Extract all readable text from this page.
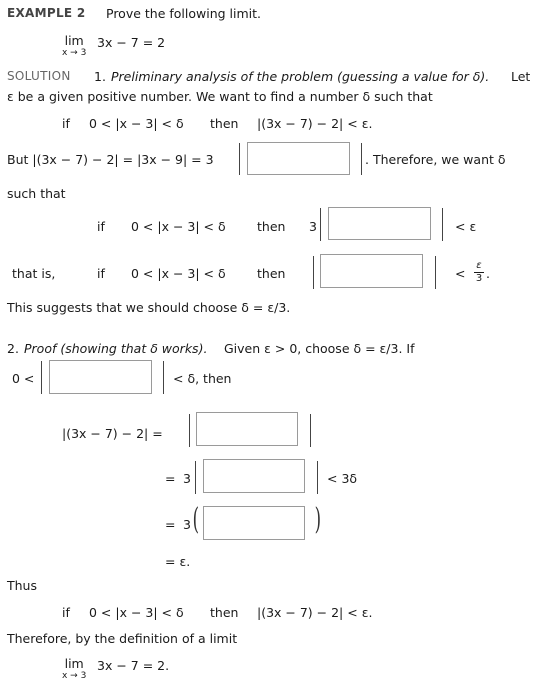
EXAMPLE 2 Prove the following limit.
lim
x → 3
3x − 7 = 2
SOLUTION 1. Preliminary analysis of the problem (guessing a value for δ). Let
ε be a given positive number. We want to find a number δ such that
if 0 < |x − 3| < δ then |(3x − 7) − 2| < ε.
But |(3x − 7) − 2| = |3x − 9| = 3	. Therefore, we want δ
such that
if 0 < |x − 3| < δ	then 3	< ε
that is,	if 0 < |x − 3| < δ	then	< $\frac{\varepsilon}{3}$ .
This suggests that we should choose δ = ε/3.
2. Proof (showing that δ works). Given ε > 0, choose δ = ε/3. If
0 <	< δ, then
|(3x − 7) − 2| =
= 3	< 3δ
= 3 (	)
= ε.
Thus
if 0 < |x − 3| < δ then |(3x − 7) − 2| < ε.
Therefore, by the definition of a limit
lim
x → 3
3x − 7 = 2.
